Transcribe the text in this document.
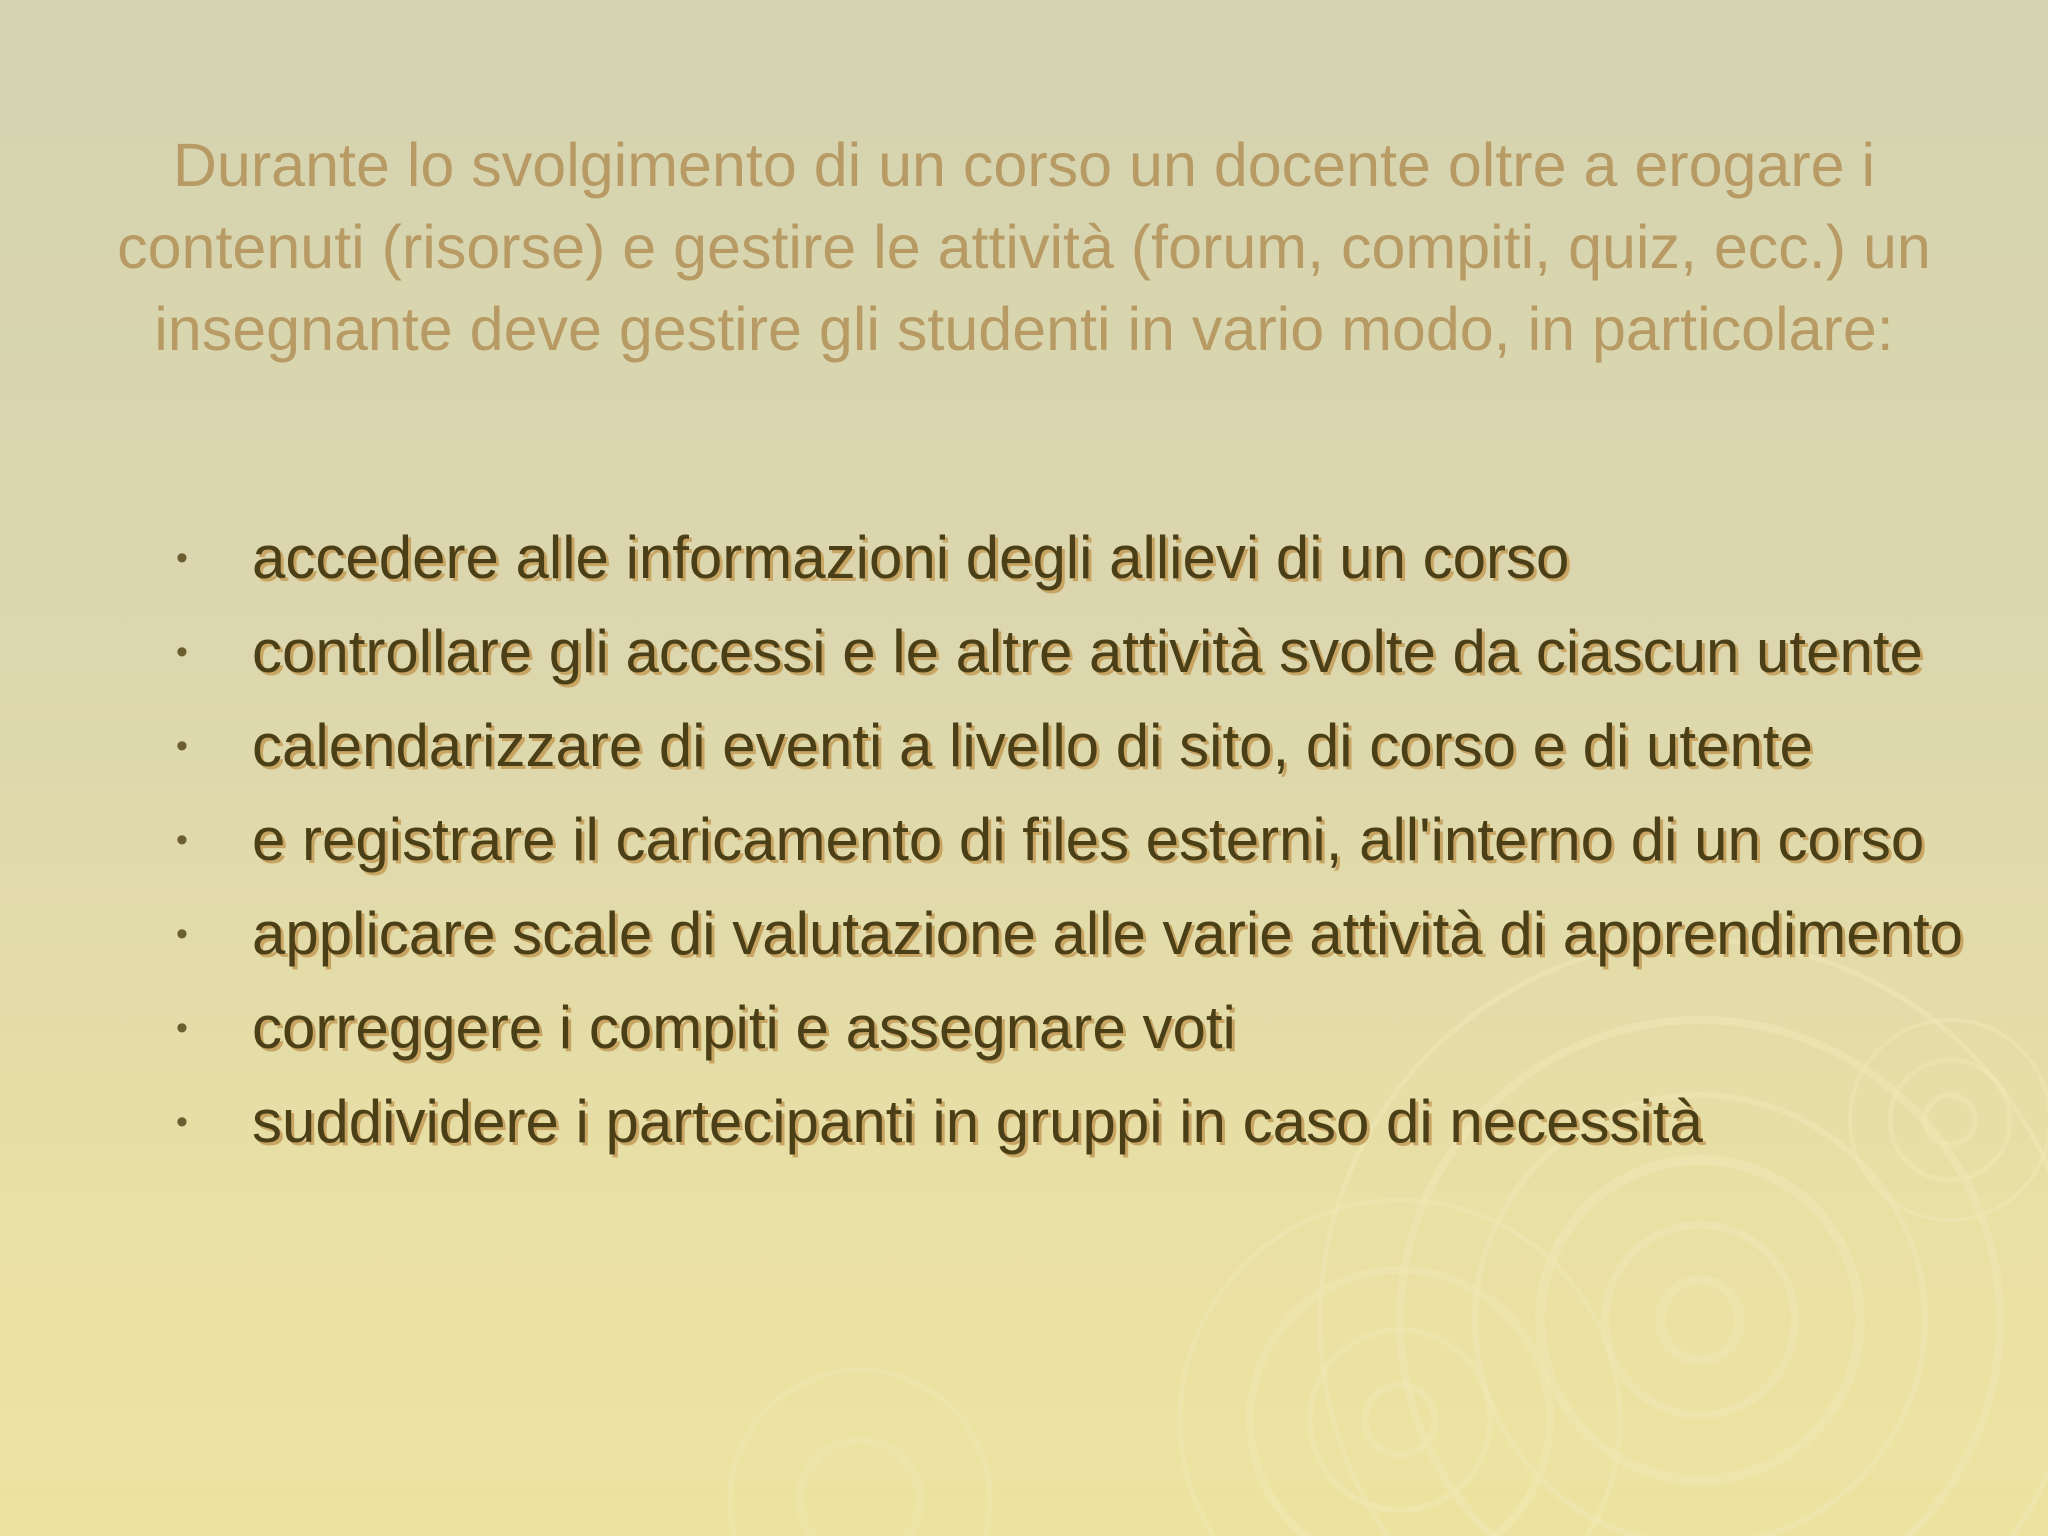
Durante lo svolgimento di un corso un docente oltre a erogare i contenuti (risorse) e gestire le attività (forum, compiti, quiz, ecc.) un insegnante deve gestire gli studenti in vario modo, in particolare:

• accedere alle informazioni degli allievi di un corso
• controllare gli accessi e le altre attività svolte da ciascun utente
• calendarizzare di eventi a livello di sito, di corso e di utente
• e registrare il caricamento di files esterni, all'interno di un corso
• applicare scale di valutazione alle varie attività di apprendimento
• correggere i compiti e assegnare voti
• suddividere i partecipanti in gruppi in caso di necessità
